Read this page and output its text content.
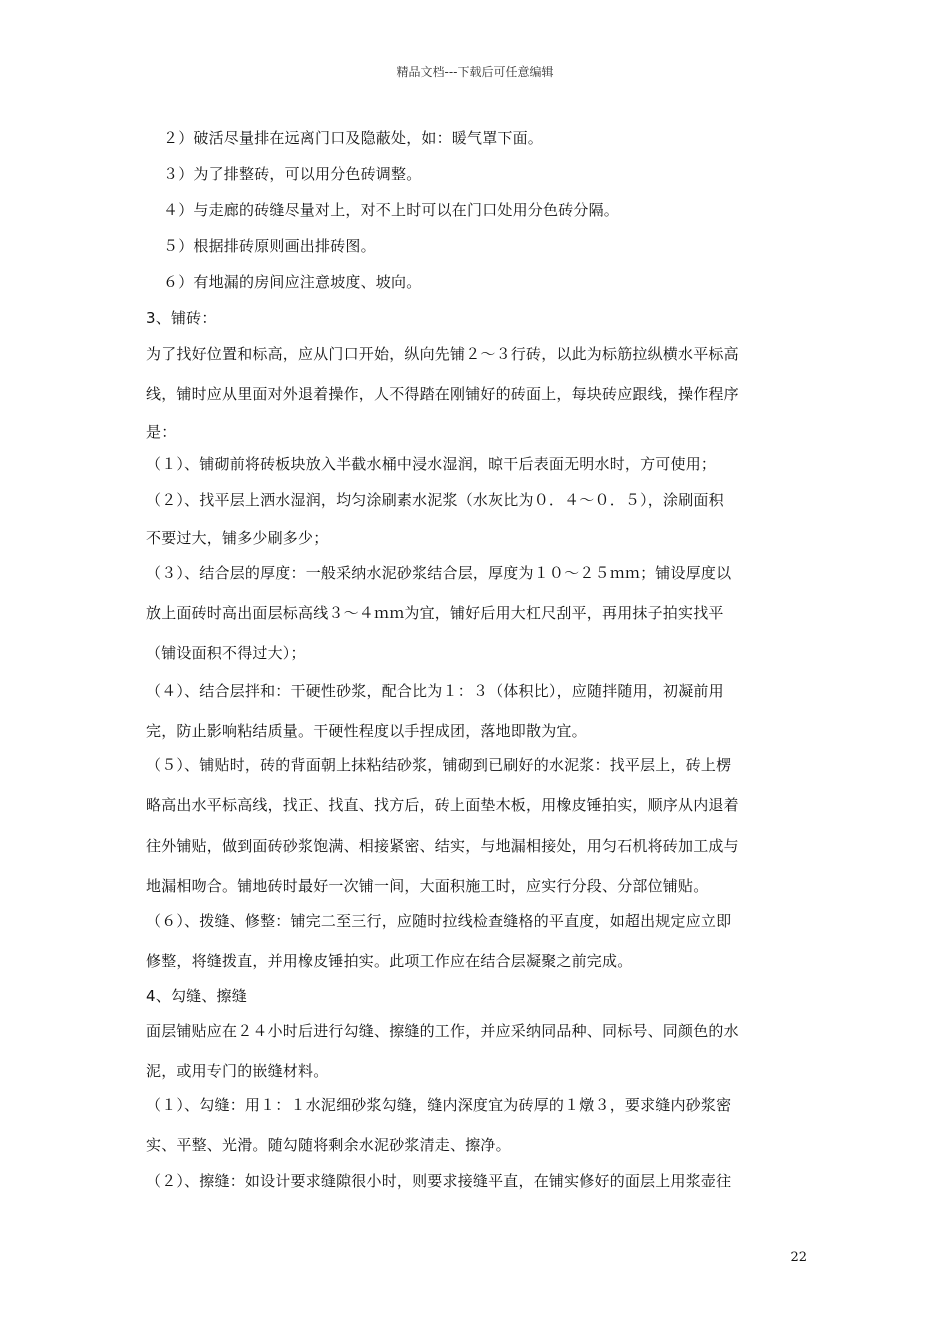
精品文档---下载后可任意编辑

２）破活尽量排在远离门口及隐蔽处，如：暖气罩下面。

３）为了排整砖，可以用分色砖调整。

４）与走廊的砖缝尽量对上，对不上时可以在门口处用分色砖分隔。

５）根据排砖原则画出排砖图。

６）有地漏的房间应注意坡度、坡向。

3、铺砖：

为了找好位置和标高，应从门口开始，纵向先铺２～３行砖，以此为标筋拉纵横水平标高

线，铺时应从里面对外退着操作，人不得踏在刚铺好的砖面上，每块砖应跟线，操作程序

是：

（１）、铺砌前将砖板块放入半截水桶中浸水湿润，晾干后表面无明水时，方可使用；

（２）、找平层上洒水湿润，均匀涂刷素水泥浆（水灰比为０．４～０．５），涂刷面积

不要过大，铺多少刷多少；

（３）、结合层的厚度：一般采纳水泥砂浆结合层，厚度为１０～２５ｍｍ；铺设厚度以

放上面砖时高出面层标高线３～４ｍｍ为宜，铺好后用大杠尺刮平，再用抹子拍实找平

（铺设面积不得过大）；

（４）、结合层拌和：干硬性砂浆，配合比为１：３（体积比），应随拌随用，初凝前用

完，防止影响粘结质量。干硬性程度以手捏成团，落地即散为宜。

（５）、铺贴时，砖的背面朝上抹粘结砂浆，铺砌到已刷好的水泥浆：找平层上，砖上楞

略高出水平标高线，找正、找直、找方后，砖上面垫木板，用橡皮锤拍实，顺序从内退着

往外铺贴，做到面砖砂浆饱满、相接紧密、结实，与地漏相接处，用匀石机将砖加工成与

地漏相吻合。铺地砖时最好一次铺一间，大面积施工时，应实行分段、分部位铺贴。

（６）、拨缝、修整：铺完二至三行，应随时拉线检查缝格的平直度，如超出规定应立即

修整，将缝拨直，并用橡皮锤拍实。此项工作应在结合层凝聚之前完成。

4、勾缝、擦缝

面层铺贴应在２４小时后进行勾缝、擦缝的工作，并应采纳同品种、同标号、同颜色的水

泥，或用专门的嵌缝材料。

（１）、勾缝：用１：１水泥细砂浆勾缝，缝内深度宜为砖厚的１燉３，要求缝内砂浆密

实、平整、光滑。随勾随将剩余水泥砂浆清走、擦净。

（２）、擦缝：如设计要求缝隙很小时，则要求接缝平直，在铺实修好的面层上用浆壶往

22
